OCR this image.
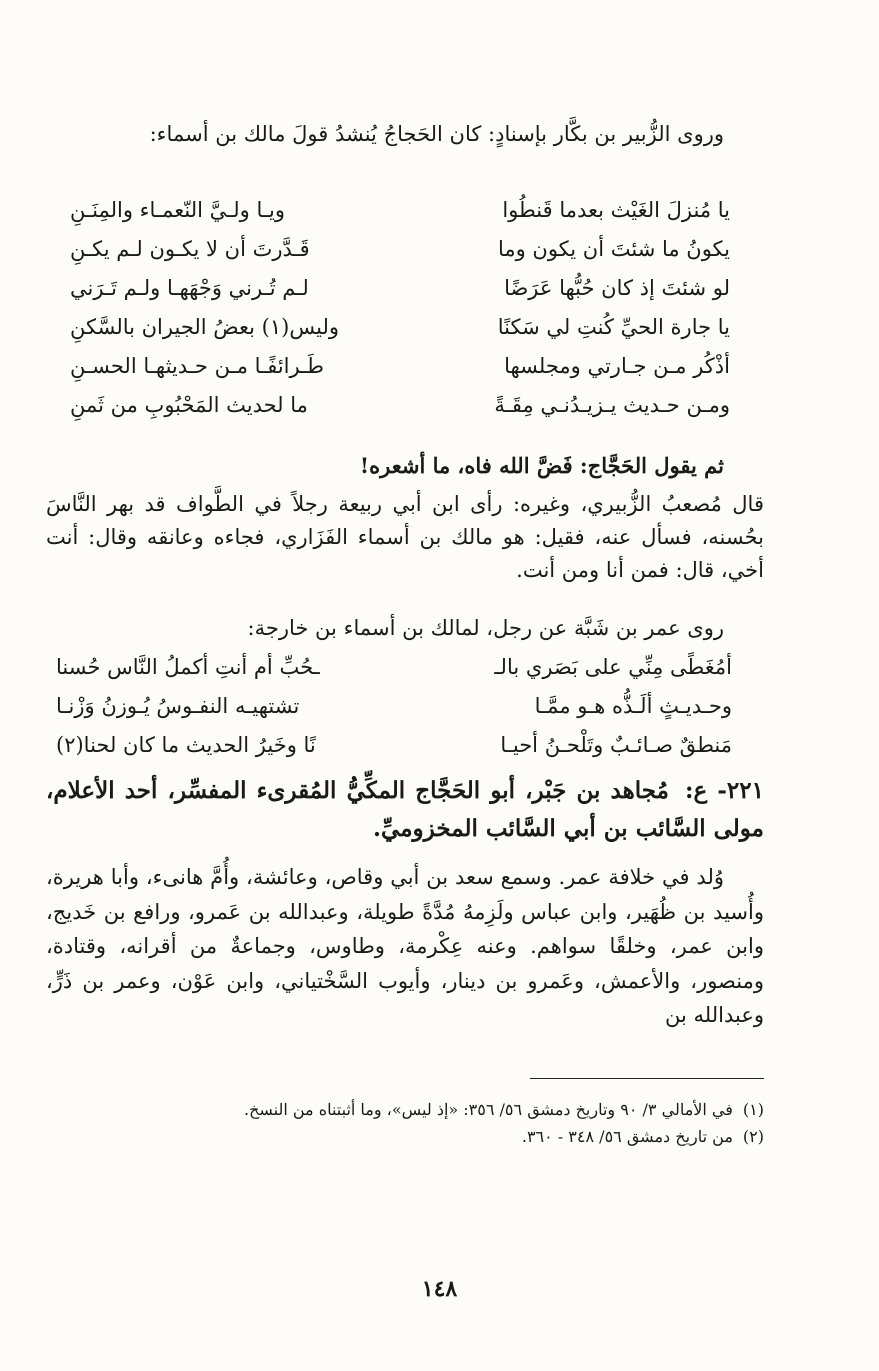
وروى الزُّبير بن بكَّار بإسنادٍ: كان الحَجاجُ يُنشدُ قولَ مالك بن أسماء:
يا مُنزلَ الغَيْث بعدما قَنطُوا
ويـا ولـيَّ النّعمـاء والمِنَـنِ
يكونُ ما شئتَ أن يكون وما
قَـدَّرتَ أن لا يكـون لـم يكـنِ
لو شئتَ إذ كان حُبُّها عَرَضًا
لـم تُـرني وَجْهَهـا ولـم تَـرَني
يا جارة الحيِّ كُنتِ لي سَكنًا
وليس(١) بعضُ الجيران بالسَّكنِ
أذْكُر مـن جـارتي ومجلسها
طَـرائفًـا مـن حـديثهـا الحسـنِ
ومـن حـديث يـزيـدُنـي مِقَـةً
ما لحديث المَحْبُوبِ من ثَمنِ
ثم يقول الحَجَّاج: فَضَّ الله فاه، ما أشعره!
قال مُصعبُ الزُّبيري، وغيره: رأى ابن أبي ربيعة رجلاً في الطَّواف قد بهر النَّاسَ بحُسنه، فسأل عنه، فقيل: هو مالك بن أسماء الفَزَاري، فجاءه وعانقه وقال: أنت أخي، قال: فمن أنا ومن أنت.
روى عمر بن شَبَّة عن رجل، لمالك بن أسماء بن خارجة:
أمُغَطًى مِنِّي على بَصَري بالـ
ـحُبِّ أم أنتِ أكملُ النَّاس حُسنا
وحـديـثٍ ألَـذُّه هـو ممَّـا
تشتهيـه النفـوسُ يُـوزنُ وَزْنـا
مَنطقٌ صـائـبٌ وتَلْحـنُ أحيـا
نًا وخَيرُ الحديث ما كان لحنا(٢)
٢٢١- ع: مُجاهد بن جَبْر، أبو الحَجَّاج المكِّيُّ المُقرىء المفسِّر، أحد الأعلام، مولى السَّائب بن أبي السَّائب المخزوميِّ.
وُلد في خلافة عمر. وسمع سعد بن أبي وقاص، وعائشة، وأُمَّ هانىء، وأبا هريرة، وأُسيد بن ظُهَير، وابن عباس ولَزِمهُ مُدَّةً طويلة، وعبدالله بن عَمرو، ورافع بن خَديج، وابن عمر، وخلقًا سواهم. وعنه عِكْرمة، وطاوس، وجماعةٌ من أقرانه، وقتادة، ومنصور، والأعمش، وعَمرو بن دينار، وأيوب السَّخْتياني، وابن عَوْن، وعمر بن ذَرٍّ، وعبدالله بن
(١)
في الأمالي ٣/ ٩٠ وتاريخ دمشق ٥٦/ ٣٥٦: «إذ ليس»، وما أثبتناه من النسخ.
(٢)
من تاريخ دمشق ٥٦/ ٣٤٨ - ٣٦٠.
١٤٨
